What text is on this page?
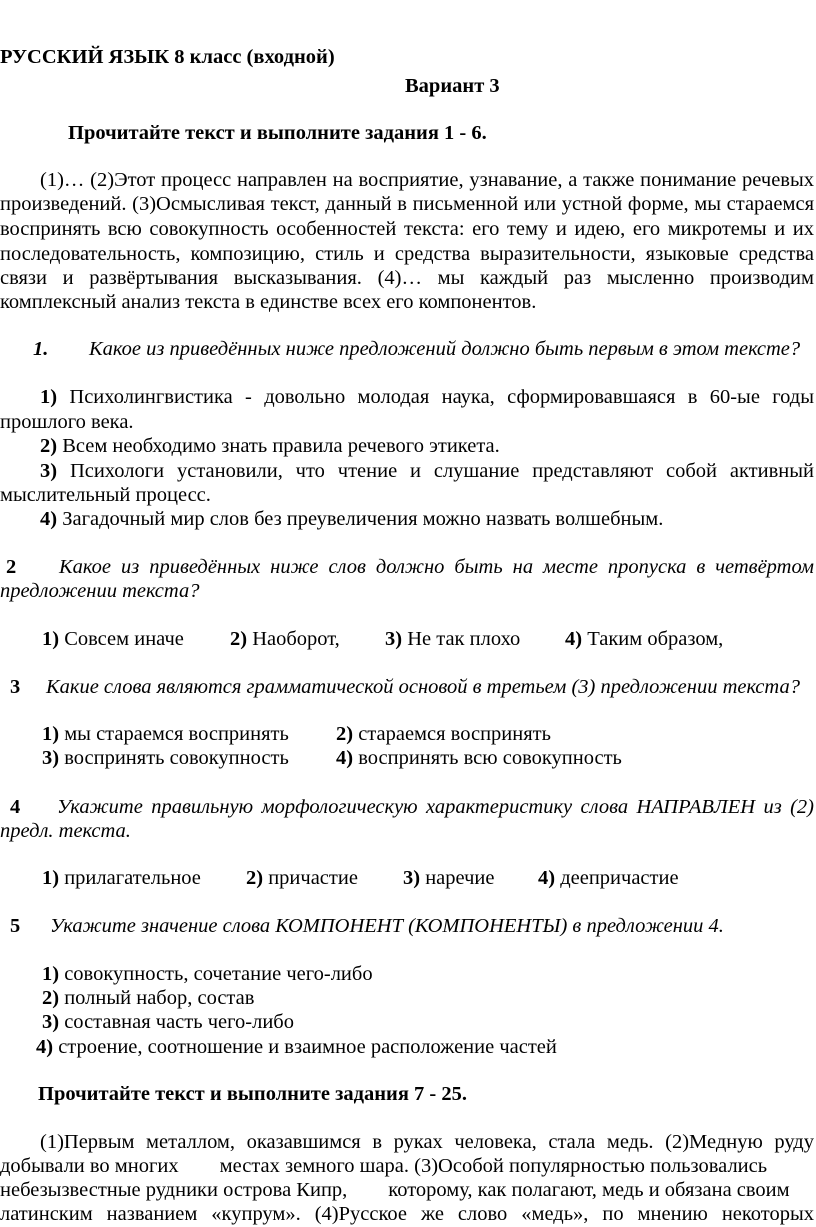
РУССКИЙ ЯЗЫК 8 класс (входной)
Вариант 3
Прочитайте текст и выполните задания 1 - 6.
(1)… (2)Этот процесс направлен на восприятие, узнавание, а также понимание речевых
произведений. (3)Осмысливая текст, данный в письменной или устной форме, мы стараемся
воспринять всю совокупность особенностей текста: его тему и идею, его микротемы и их
последовательность, композицию, стиль и средства выразительности, языковые средства
связи и развёртывания высказывания. (4)… мы каждый раз мысленно производим
комплексный анализ текста в единстве всех его компонентов.
1. Какое из приведённых ниже предложений должно быть первым в этом тексте?
1) Психолингвистика - довольно молодая наука, сформировавшаяся в 60-ые годы
прошлого века.
2) Всем необходимо знать правила речевого этикета.
3) Психологи установили, что чтение и слушание представляют собой активный
мыслительный процесс.
4) Загадочный мир слов без преувеличения можно назвать волшебным.
2 Какое из приведённых ниже слов должно быть на месте пропуска в четвёртом
предложении текста?
1) Совсем иначе 2) Наоборот, 3) Не так плохо 4) Таким образом,
3 Какие слова являются грамматической основой в третьем (3) предложении текста?
1) мы стараемся воспринять 2) стараемся воспринять
3) воспринять совокупность 4) воспринять всю совокупность
4 Укажите правильную морфологическую характеристику слова НАПРАВЛЕН из (2)
предл. текста.
1) прилагательное 2) причастие 3) наречие 4) деепричастие
5 Укажите значение слова КОМПОНЕНТ (КОМПОНЕНТЫ) в предложении 4.
1) совокупность, сочетание чего-либо
2) полный набор, состав
3) составная часть чего-либо
4) строение, соотношение и взаимное расположение частей
Прочитайте текст и выполните задания 7 - 25.
(1)Первым металлом, оказавшимся в руках человека, стала медь. (2)Медную руду
добывали во многих        местах земного шара. (3)Особой популярностью пользовались
небезызвестные рудники острова Кипр,        которому, как полагают, медь и обязана своим
латинским названием «купрум». (4)Русское же слово «медь», по мнению некоторых
